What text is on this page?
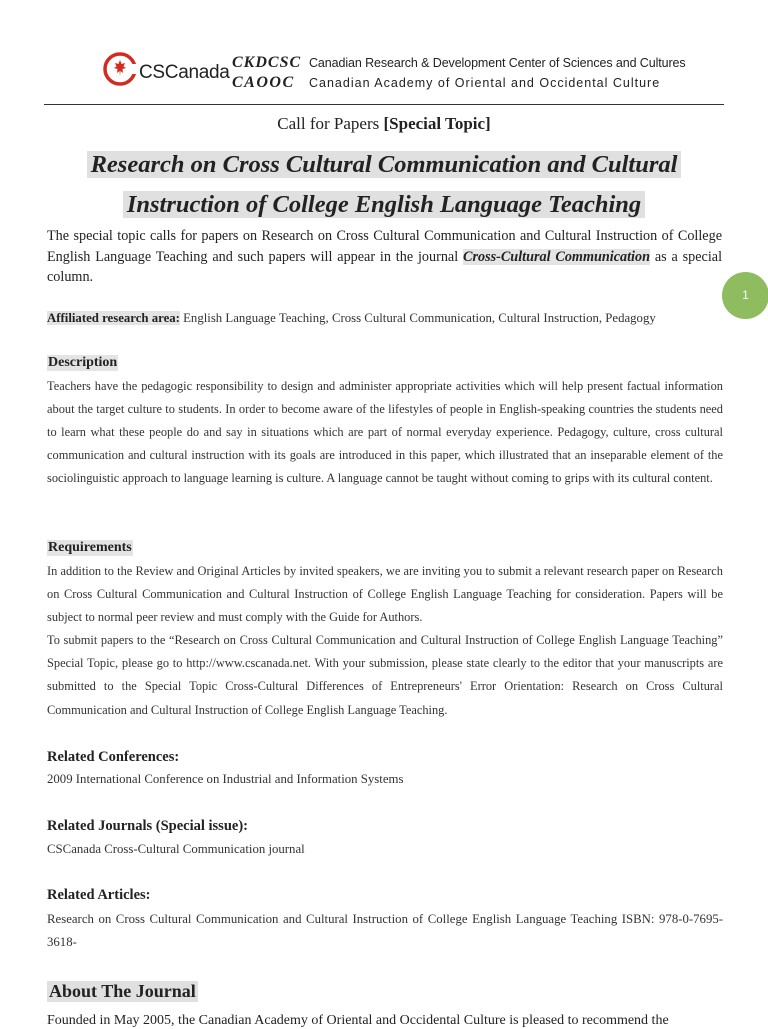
CSCanada CKDCSC
CAOOC
Canadian Research & Development Center of Sciences and Cultures
Canadian Academy of Oriental and Occidental Culture
Call for Papers [Special Topic]
Research on Cross Cultural Communication and Cultural
Instruction of College English Language Teaching
The special topic calls for papers on Research on Cross Cultural Communication and Cultural Instruction of College English Language Teaching and such papers will appear in the journal Cross-Cultural Communication as a special column.
Affiliated research area: English Language Teaching, Cross Cultural Communication, Cultural Instruction, Pedagogy
1
Description
Teachers have the pedagogic responsibility to design and administer appropriate activities which will help present factual information about the target culture to students. In order to become aware of the lifestyles of people in English-speaking countries the students need to learn what these people do and say in situations which are part of normal everyday experience. Pedagogy, culture, cross cultural communication and cultural instruction with its goals are introduced in this paper, which illustrated that an inseparable element of the sociolinguistic approach to language learning is culture. A language cannot be taught without coming to grips with its cultural content.
Requirements
In addition to the Review and Original Articles by invited speakers, we are inviting you to submit a relevant research paper on Research on Cross Cultural Communication and Cultural Instruction of College English Language Teaching for consideration. Papers will be subject to normal peer review and must comply with the Guide for Authors.
To submit papers to the “Research on Cross Cultural Communication and Cultural Instruction of College English Language Teaching” Special Topic, please go to http://www.cscanada.net. With your submission, please state clearly to the editor that your manuscripts are submitted to the Special Topic Cross-Cultural Differences of Entrepreneurs' Error Orientation: Research on Cross Cultural Communication and Cultural Instruction of College English Language Teaching.
Related Conferences:
2009 International Conference on Industrial and Information Systems
Related Journals (Special issue):
CSCanada Cross-Cultural Communication journal
Related Articles:
Research on Cross Cultural Communication and Cultural Instruction of College English Language Teaching ISBN: 978-0-7695-3618-
About The Journal
Founded in May 2005, the Canadian Academy of Oriental and Occidental Culture is pleased to recommend the
